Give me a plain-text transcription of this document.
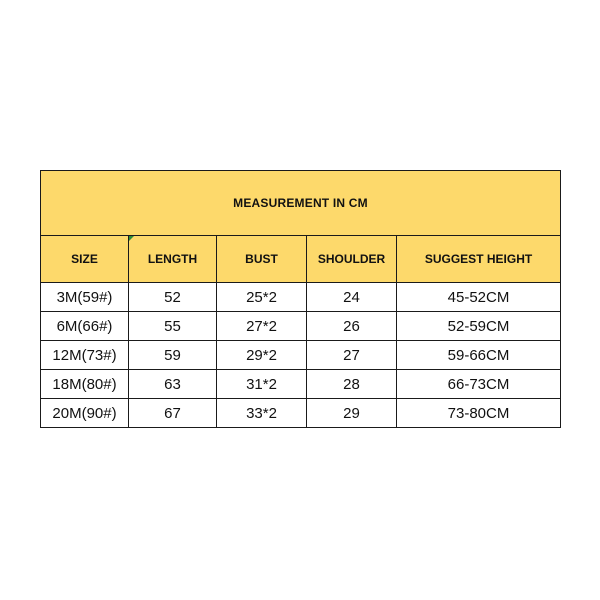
MEASUREMENT IN CM				
SIZE	LENGTH	BUST	SHOULDER	SUGGEST HEIGHT
3M(59#)	52	25*2	24	45-52CM
6M(66#)	55	27*2	26	52-59CM
12M(73#)	59	29*2	27	59-66CM
18M(80#)	63	31*2	28	66-73CM
20M(90#)	67	33*2	29	73-80CM
